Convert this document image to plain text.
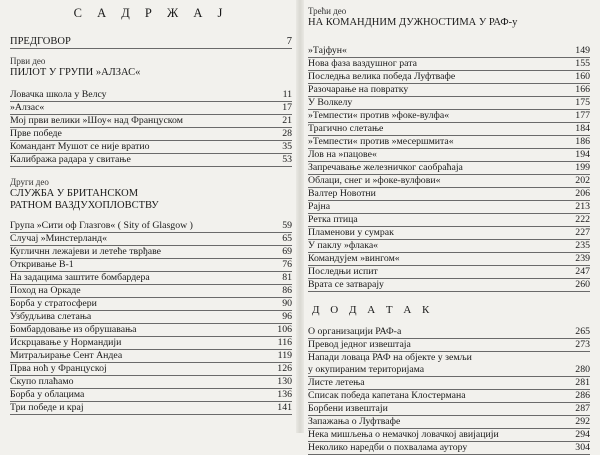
С А Д Р Ж А Ј
ПРЕДГОВОР	7
Први део
ПИЛОТ У ГРУПИ »АЛЗАС«
Ловачка школа у Велсу	11
»Алзас«	17
Мој први велики »Шоу« над Француском	21
Прве победе	28
Командант Мушот се није вратио	35
Калибража радара у свитање	53
Други део
СЛУЖБА У БРИТАНСКОМ
РАТНОМ ВАЗДУХОПЛОВСТВУ
Група »Сити оф Глазгов« ( Sity of Glasgow )	59
Случај »Минстерланд«	65
Кугличнн лежајеви и летеће тврђаве	69
Откривање В-1	76
На задацима заштите бомбардера	81
Поход на Оркаде	86
Борба у стратосфери	90
Узбудљива слетања	96
Бомбардовање из обрушавања	106
Искрцавање у Нормандији	116
Митраљирање Сент Андеа	119
Прва ноћ у Француској	126
Скупо плаћамо	130
Борба у облацима	136
Три победе и крај	141
Трећи део
НА КОМАНДНИМ ДУЖНОСТИМА У РАФ-у
»Тајфун«	149
Нова фаза ваздушног рата	155
Последња велика победа Луфтвафе	160
Разочарање на повратку	166
У Волкелу	175
»Темпести« против »фоке-вулфа«	177
Трагично слетање	184
»Темпести« против »месершмита«	186
Лов на »пацове«	194
Запречавање железничког саобраћаја	199
Облаци, снег и »фоке-вулфови«	202
Валтер Новотни	206
Рајна	213
Ретка птица	222
Пламенови у сумрак	227
У паклу »флака«	235
Командујем »вингом«	239
Последњи испит	247
Врата се затварају	260
Д О Д А Т А К
О организацији РАФ-а	265
Превод једног извештаја	273
Напади ловаца РАФ на објекте у земљи
у окупираним територијама	280
Листе летења	281
Списак победа капетана Клостермана	286
Борбени извештаји	287
Запажања о Луфтвафе	292
Нека мишљења о немачкој ловачкој авијацији	294
Неколико наредби о похвалама аутору	304
